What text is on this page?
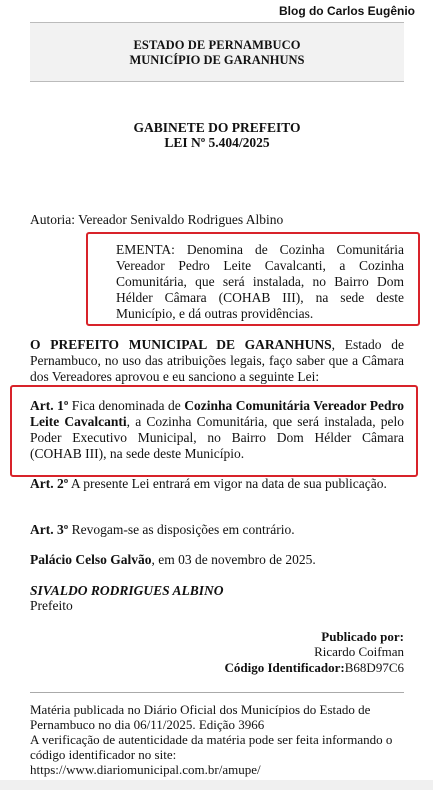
Blog do Carlos Eugênio
ESTADO DE PERNAMBUCO
MUNICÍPIO DE GARANHUNS
GABINETE DO PREFEITO
LEI Nº 5.404/2025
Autoria: Vereador Senivaldo Rodrigues Albino
EMENTA: Denomina de Cozinha Comunitária Vereador Pedro Leite Cavalcanti, a Cozinha Comunitária, que será instalada, no Bairro Dom Hélder Câmara (COHAB III), na sede deste Município, e dá outras providências.
O PREFEITO MUNICIPAL DE GARANHUNS, Estado de Pernambuco, no uso das atribuições legais, faço saber que a Câmara dos Vereadores aprovou e eu sanciono a seguinte Lei:
Art. 1º Fica denominada de Cozinha Comunitária Vereador Pedro Leite Cavalcanti, a Cozinha Comunitária, que será instalada, pelo Poder Executivo Municipal, no Bairro Dom Hélder Câmara (COHAB III), na sede deste Município.
Art. 2º A presente Lei entrará em vigor na data de sua publicação.
Art. 3º Revogam-se as disposições em contrário.
Palácio Celso Galvão, em 03 de novembro de 2025.
SIVALDO RODRIGUES ALBINO
Prefeito
Publicado por:
Ricardo Coifman
Código Identificador:B68D97C6
Matéria publicada no Diário Oficial dos Municípios do Estado de Pernambuco no dia 06/11/2025. Edição 3966
A verificação de autenticidade da matéria pode ser feita informando o código identificador no site:
https://www.diariomunicipal.com.br/amupe/
